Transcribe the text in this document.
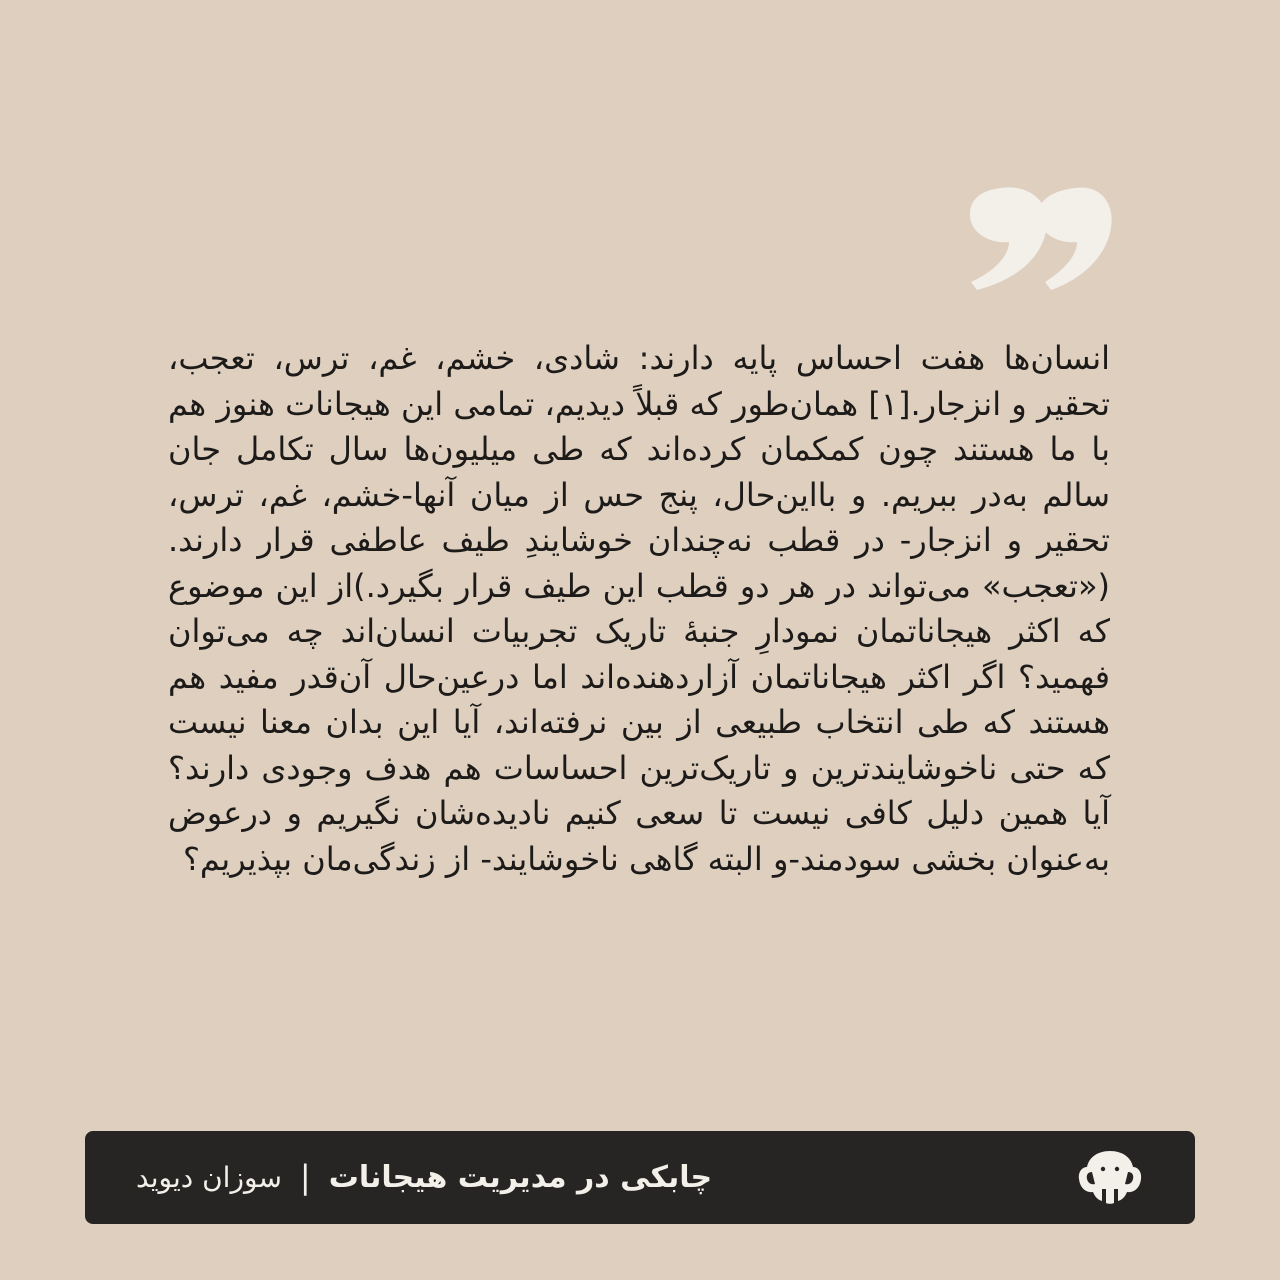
انسان‌ها هفت احساس پایه دارند: شادی، خشم، غم، ترس، تعجب، تحقیر و انزجار.[۱] همان‌طور که قبلاً دیدیم، تمامی این هیجانات هنوز هم با ما هستند چون کمکمان کرده‌اند که طی میلیون‌ها سال تکامل جان سالم به‌در ببریم. و بااین‌حال، پنج حس از میان آنها-خشم، غم، ترس، تحقیر و انزجار- در قطب نه‌چندان خوشایندِ طیف عاطفی قرار دارند. («تعجب» می‌تواند در هر دو قطب این طیف قرار بگیرد.)از این موضوع که اکثر هیجاناتمان نمودارِ جنبهٔ تاریک تجربیات انسان‌اند چه می‌توان فهمید؟ اگر اکثر هیجاناتمان آزاردهنده‌اند اما درعین‌حال آن‌قدر مفید هم هستند که طی انتخاب طبیعی از بین نرفته‌اند، آیا این بدان معنا نیست که حتی ناخوشایندترین و تاریک‌ترین احساسات هم هدف وجودی دارند؟ آیا همین دلیل کافی نیست تا سعی کنیم نادیده‌شان نگیریم و درعوض به‌عنوان بخشی سودمند-و البته گاهی ناخوشایند- از زندگی‌مان بپذیریم؟

چابکی در مدیریت هیجانات
|
سوزان دیوید
